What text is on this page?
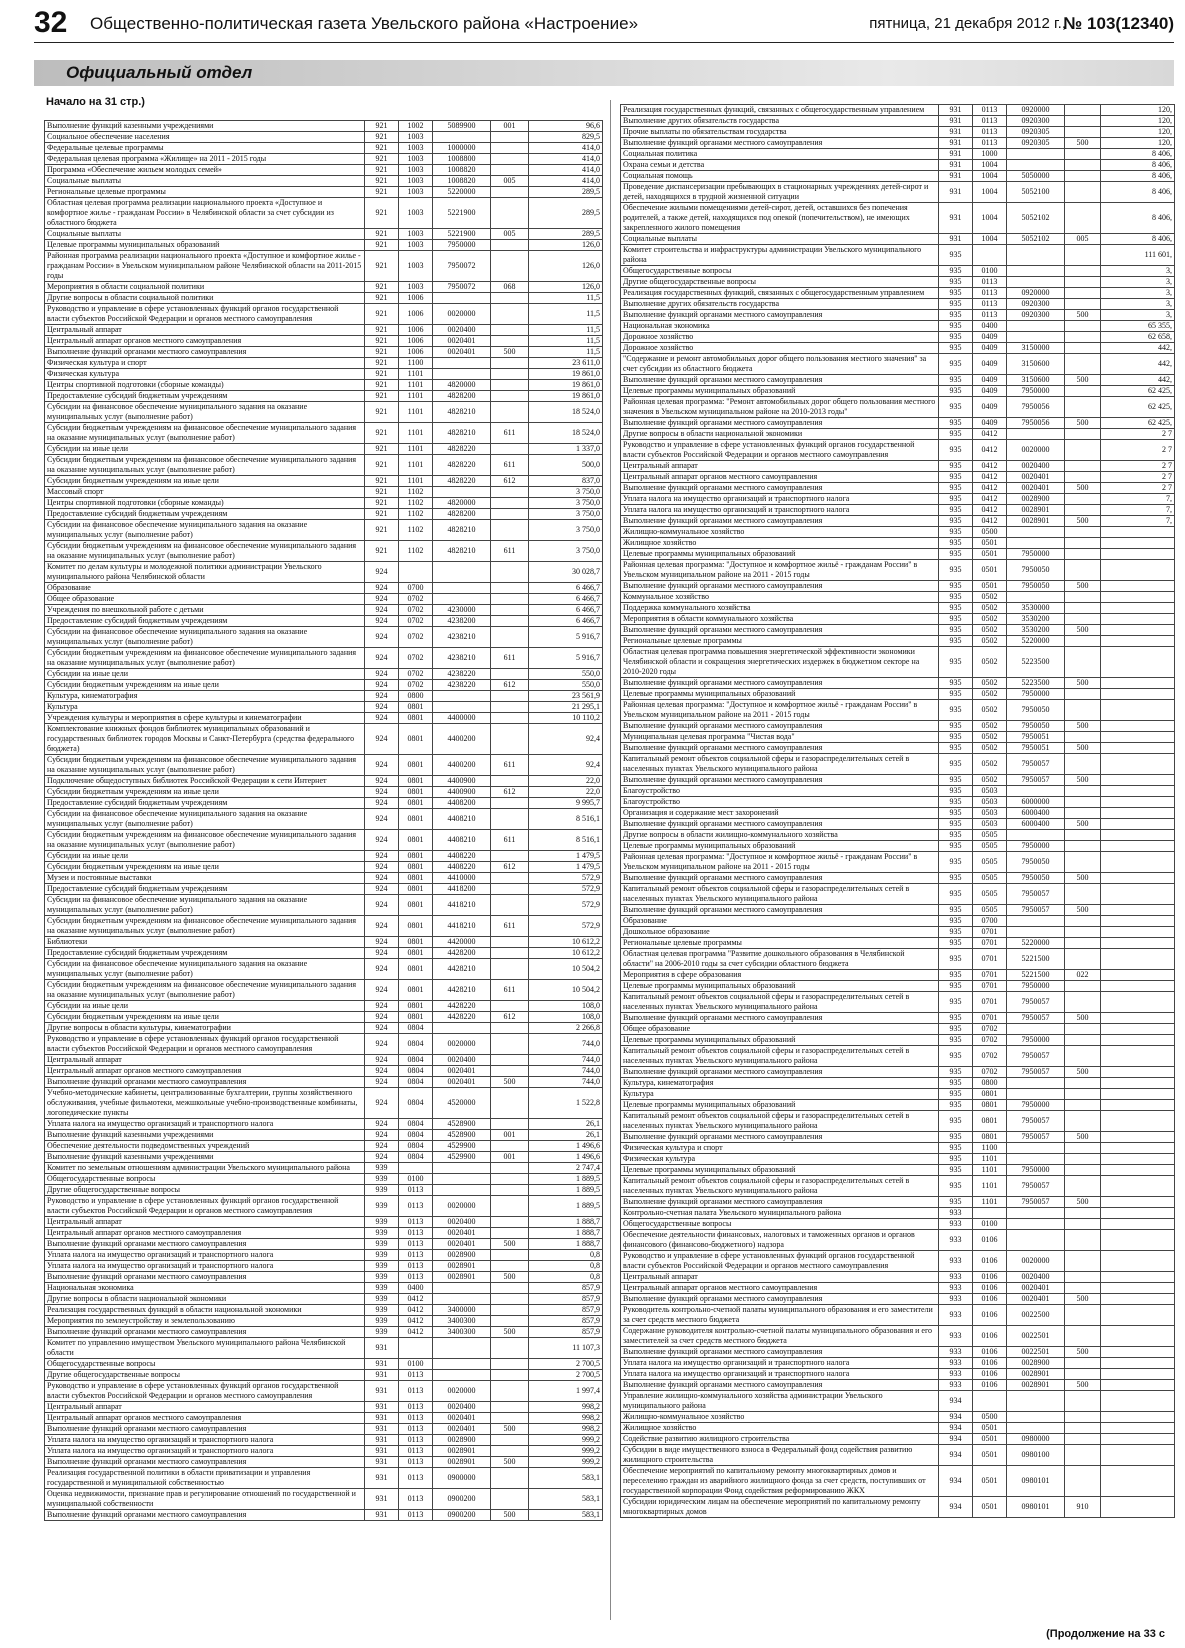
32 Общественно-политическая газета Увельского района «Настроение»	пятница, 21 декабря 2012 г.,
№ 103(12340)
Официальный отдел
Начало на 31 стр.)
Выполнение функций казенными учреждениями	921	1002	5089900	001	96,6
Социальное обеспечение населения	921	1003			829,5
Федеральные целевые программы	921	1003	1000000		414,0
Федеральная целевая программа «Жилище» на 2011 - 2015 годы	921	1003	1008800		414,0
Программа «Обеспечение жильем молодых семей»	921	1003	1008820		414,0
Социальные выплаты	921	1003	1008820	005	414,0
Региональные целевые программы	921	1003	5220000		289,5
Областная целевая программа реализации национального проекта «Доступное и комфортное жилье - гражданам России» в Челябинской области за счет субсидии из областного бюджета	921	1003	5221900		289,5
Социальные выплаты	921	1003	5221900	005	289,5
Целевые программы муниципальных образований	921	1003	7950000		126,0
Районная программа реализации национального проекта «Доступное и комфортное жилье - гражданам России» в Увельском муниципальном районе Челябинской области на 2011-2015 годы	921	1003	7950072		126,0
Мероприятия в области социальной политики	921	1003	7950072	068	126,0
Другие вопросы в области социальной политики	921	1006			11,5
Руководство и управление в сфере установленных функций органов государственной власти субъектов Российской Федерации и органов местного самоуправления	921	1006	0020000		11,5
Центральный аппарат	921	1006	0020400		11,5
Центральный аппарат органов местного самоуправления	921	1006	0020401		11,5
Выполнение функций органами местного самоуправления	921	1006	0020401	500	11,5
Физическая культура и спорт	921	1100			23 611,0
Физическая культура	921	1101			19 861,0
Центры спортивной подготовки (сборные команды)	921	1101	4820000		19 861,0
Предоставление субсидий бюджетным учреждениям	921	1101	4828200		19 861,0
Субсидии на финансовое обеспечение муниципального задания на оказание муниципальных услуг (выполнение работ)	921	1101	4828210		18 524,0
Субсидии бюджетным учреждениям на финансовое обеспечение муниципального задания на оказание муниципальных услуг (выполнение работ)	921	1101	4828210	611	18 524,0
Субсидии на иные цели	921	1101	4828220		1 337,0
Субсидии бюджетным учреждениям на финансовое обеспечение муниципального задания на оказание муниципальных услуг (выполнение работ)	921	1101	4828220	611	500,0
Субсидии бюджетным учреждениям на иные цели	921	1101	4828220	612	837,0
Массовый спорт	921	1102			3 750,0
Центры спортивной подготовки (сборные команды)	921	1102	4820000		3 750,0
Предоставление субсидий бюджетным учреждениям	921	1102	4828200		3 750,0
Субсидии на финансовое обеспечение муниципального задания на оказание муниципальных услуг (выполнение работ)	921	1102	4828210		3 750,0
Субсидии бюджетным учреждениям на финансовое обеспечение муниципального задания на оказание муниципальных услуг (выполнение работ)	921	1102	4828210	611	3 750,0
Комитет по делам культуры и молодежной политики администрации Увельского муниципального района Челябинской области	924				30 028,7
Образование	924	0700			6 466,7
Общее образование	924	0702			6 466,7
Учреждения по внешкольной работе с детьми	924	0702	4230000		6 466,7
Предоставление субсидий бюджетным учреждениям	924	0702	4238200		6 466,7
Субсидии на финансовое обеспечение муниципального задания на оказание муниципальных услуг (выполнение работ)	924	0702	4238210		5 916,7
Субсидии бюджетным учреждениям на финансовое обеспечение муниципального задания на оказание муниципальных услуг (выполнение работ)	924	0702	4238210	611	5 916,7
Субсидии на иные цели	924	0702	4238220		550,0
Субсидии бюджетным учреждениям на иные цели	924	0702	4238220	612	550,0
Культура, кинематография	924	0800			23 561,9
Культура	924	0801			21 295,1
Учреждения культуры и мероприятия в сфере культуры и кинематографии	924	0801	4400000		10 110,2
Комплектование книжных фондов библиотек муниципальных образований и государственных библиотек городов Москвы и Санкт-Петербурга (средства федерального бюджета)	924	0801	4400200		92,4
Субсидии бюджетным учреждениям на финансовое обеспечение муниципального задания на оказание муниципальных услуг (выполнение работ)	924	0801	4400200	611	92,4
Подключение общедоступных библиотек Российской Федерации к сети Интернет	924	0801	4400900		22,0
Субсидии бюджетным учреждениям на иные цели	924	0801	4400900	612	22,0
Предоставление субсидий бюджетным учреждениям	924	0801	4408200		9 995,7
Субсидии на финансовое обеспечение муниципального задания на оказание муниципальных услуг (выполнение работ)	924	0801	4408210		8 516,1
Субсидии бюджетным учреждениям на финансовое обеспечение муниципального задания на оказание муниципальных услуг (выполнение работ)	924	0801	4408210	611	8 516,1
Субсидии на иные цели	924	0801	4408220		1 479,5
Субсидии бюджетным учреждениям на иные цели	924	0801	4408220	612	1 479,5
Музеи и постоянные выставки	924	0801	4410000		572,9
Предоставление субсидий бюджетным учреждениям	924	0801	4418200		572,9
Субсидии на финансовое обеспечение муниципального задания на оказание муниципальных услуг (выполнение работ)	924	0801	4418210		572,9
Субсидии бюджетным учреждениям на финансовое обеспечение муниципального задания на оказание муниципальных услуг (выполнение работ)	924	0801	4418210	611	572,9
Библиотеки	924	0801	4420000		10 612,2
Предоставление субсидий бюджетным учреждениям	924	0801	4428200		10 612,2
Субсидии на финансовое обеспечение муниципального задания на оказание муниципальных услуг (выполнение работ)	924	0801	4428210		10 504,2
Субсидии бюджетным учреждениям на финансовое обеспечение муниципального задания на оказание муниципальных услуг (выполнение работ)	924	0801	4428210	611	10 504,2
Субсидии на иные цели	924	0801	4428220		108,0
Субсидии бюджетным учреждениям на иные цели	924	0801	4428220	612	108,0
Другие вопросы в области культуры, кинематографии	924	0804			2 266,8
Руководство и управление в сфере установленных функций органов государственной власти субъектов Российской Федерации и органов местного самоуправления	924	0804	0020000		744,0
Центральный аппарат	924	0804	0020400		744,0
Центральный аппарат органов местного самоуправления	924	0804	0020401		744,0
Выполнение функций органами местного самоуправления	924	0804	0020401	500	744,0
Учебно-методические кабинеты, централизованные бухгалтерии, группы хозяйственного обслуживания, учебные фильмотеки, межшкольные учебно-производственные комбинаты, логопедические пункты	924	0804	4520000		1 522,8
Уплата налога на имущество организаций и транспортного налога	924	0804	4528900		26,1
Выполнение функций казенными учреждениями	924	0804	4528900	001	26,1
Обеспечение деятельности подведомственных учреждений	924	0804	4529900		1 496,6
Выполнение функций казенными учреждениями	924	0804	4529900	001	1 496,6
Комитет по земельным отношениям администрации Увельского муниципального района	939				2 747,4
Общегосударственные вопросы	939	0100			1 889,5
Другие общегосударственные вопросы	939	0113			1 889,5
Руководство и управление в сфере установленных функций органов государственной власти субъектов Российской Федерации и органов местного самоуправления	939	0113	0020000		1 889,5
Центральный аппарат	939	0113	0020400		1 888,7
Центральный аппарат органов местного самоуправления	939	0113	0020401		1 888,7
Выполнение функций органами местного самоуправления	939	0113	0020401	500	1 888,7
Уплата налога на имущество организаций и транспортного налога	939	0113	0028900		0,8
Уплата налога на имущество организаций и транспортного налога	939	0113	0028901		0,8
Выполнение функций органами местного самоуправления	939	0113	0028901	500	0,8
Национальная экономика	939	0400			857,9
Другие вопросы в области национальной экономики	939	0412			857,9
Реализация государственных функций в области национальной экономики	939	0412	3400000		857,9
Мероприятия по землеустройству и землепользованию	939	0412	3400300		857,9
Выполнение функций органами местного самоуправления	939	0412	3400300	500	857,9
Комитет по управлению имуществом Увельского муниципального района Челябинской области	931				11 107,3
Общегосударственные вопросы	931	0100			2 700,5
Другие общегосударственные вопросы	931	0113			2 700,5
Руководство и управление в сфере установленных функций органов государственной власти субъектов Российской Федерации и органов местного самоуправления	931	0113	0020000		1 997,4
Центральный аппарат	931	0113	0020400		998,2
Центральный аппарат органов местного самоуправления	931	0113	0020401		998,2
Выполнение функций органами местного самоуправления	931	0113	0020401	500	998,2
Уплата налога на имущество организаций и транспортного налога	931	0113	0028900		999,2
Уплата налога на имущество организаций и транспортного налога	931	0113	0028901		999,2
Выполнение функций органами местного самоуправления	931	0113	0028901	500	999,2
Реализация государственной политики в области приватизации и управления государственной и муниципальной собственностью	931	0113	0900000		583,1
Оценка недвижимости, признание прав и регулирование отношений по государственной и муниципальной собственности	931	0113	0900200		583,1
Выполнение функций органами местного самоуправления	931	0113	0900200	500	583,1
Реализация государственных функций, связанных с общегосударственным управлением	931	0113	0920000		120,
Выполнение других обязательств государства	931	0113	0920300		120,
Прочие выплаты по обязательствам государства	931	0113	0920305		120,
Выполнение функций органами местного самоуправления	931	0113	0920305	500	120,
Социальная политика	931	1000			8 406,
Охрана семьи и детства	931	1004			8 406,
Социальная помощь	931	1004	5050000		8 406,
Проведение диспансеризации пребывающих в стационарных учреждениях детей-сирот и детей, находящихся в трудной жизненной ситуации	931	1004	5052100		8 406,
Обеспечение жилыми помещениями детей-сирот, детей, оставшихся без попечения родителей, а также детей, находящихся под опекой (попечительством), не имеющих закрепленного жилого помещения	931	1004	5052102		8 406,
Социальные выплаты	931	1004	5052102	005	8 406,
Комитет строительства и инфраструктуры администрации Увельского муниципального района	935				111 601,
Общегосударственные вопросы	935	0100			3,
Другие общегосударственные вопросы	935	0113			3,
Реализация государственных функций, связанных с общегосударственным управлением	935	0113	0920000		3,
Выполнение других обязательств государства	935	0113	0920300		3,
Выполнение функций органами местного самоуправления	935	0113	0920300	500	3,
Национальная экономика	935	0400			65 355,
Дорожное хозяйство	935	0409			62 658,
Дорожное хозяйство	935	0409	3150000		442,
"Содержание и ремонт автомобильных дорог общего пользования местного значения" за счет субсидии из областного бюджета	935	0409	3150600		442,
Выполнение функций органами местного самоуправления	935	0409	3150600	500	442,
Целевые программы муниципальных образований	935	0409	7950000		62 425,
Районная целевая программа: "Ремонт автомобильных дорог общего пользования местного значения в Увельском муниципальном районе на 2010-2013 годы"	935	0409	7950056		62 425,
Выполнение функций органами местного самоуправления	935	0409	7950056	500	62 425,
Другие вопросы в области национальной экономики	935	0412			2 7
Руководство и управление в сфере установленных функций органов государственной власти субъектов Российской Федерации и органов местного самоуправления	935	0412	0020000		2 7
Центральный аппарат	935	0412	0020400		2 7
Центральный аппарат органов местного самоуправления	935	0412	0020401		2 7
Выполнение функций органами местного самоуправления	935	0412	0020401	500	2 7
Уплата налога на имущество организаций и транспортного налога	935	0412	0028900		7,
Уплата налога на имущество организаций и транспортного налога	935	0412	0028901		7,
Выполнение функций органами местного самоуправления	935	0412	0028901	500	7,
Жилищно-коммунальное хозяйство	935	0500			
Жилищное хозяйство	935	0501			
Целевые программы муниципальных образований	935	0501	7950000		
Районная целевая программа: "Доступное и комфортное жильё - гражданам России" в Увельском муниципальном районе на 2011 - 2015 годы	935	0501	7950050		
Выполнение функций органами местного самоуправления	935	0501	7950050	500	
Коммунальное хозяйство	935	0502			
Поддержка коммунального хозяйства	935	0502	3530000		
Мероприятия в области коммунального хозяйства	935	0502	3530200		
Выполнение функций органами местного самоуправления	935	0502	3530200	500	
Региональные целевые программы	935	0502	5220000		
Областная целевая программа повышения энергетической эффективности экономики Челябинской области и сокращения энергетических издержек в бюджетном секторе на 2010-2020 годы	935	0502	5223500		
Выполнение функций органами местного самоуправления	935	0502	5223500	500	
Целевые программы муниципальных образований	935	0502	7950000		
Районная целевая программа: "Доступное и комфортное жильё - гражданам России" в Увельском муниципальном районе на 2011 - 2015 годы	935	0502	7950050		
Выполнение функций органами местного самоуправления	935	0502	7950050	500	
Муниципальная целевая программа "Чистая вода"	935	0502	7950051		
Выполнение функций органами местного самоуправления	935	0502	7950051	500	
Капитальный ремонт объектов социальной сферы и газораспределительных сетей в населенных пунктах Увельского муниципального района	935	0502	7950057		
Выполнение функций органами местного самоуправления	935	0502	7950057	500	
Благоустройство	935	0503			
Благоустройство	935	0503	6000000		
Организация и содержание мест захоронений	935	0503	6000400		
Выполнение функций органами местного самоуправления	935	0503	6000400	500	
Другие вопросы в области жилищно-коммунального хозяйства	935	0505			
Целевые программы муниципальных образований	935	0505	7950000		
Районная целевая программа: "Доступное и комфортное жильё - гражданам России" в Увельском муниципальном районе на 2011 - 2015 годы	935	0505	7950050		
Выполнение функций органами местного самоуправления	935	0505	7950050	500	
Капитальный ремонт объектов социальной сферы и газораспределительных сетей в населенных пунктах Увельского муниципального района	935	0505	7950057		
Выполнение функций органами местного самоуправления	935	0505	7950057	500	
Образование	935	0700			
Дошкольное образование	935	0701			
Региональные целевые программы	935	0701	5220000		
Областная целевая программа "Развитие дошкольного образования в Челябинской области" на 2006-2010 годы за счет субсидии областного бюджета	935	0701	5221500		
Мероприятия в сфере образования	935	0701	5221500	022	
Целевые программы муниципальных образований	935	0701	7950000		
Капитальный ремонт объектов социальной сферы и газораспределительных сетей в населенных пунктах Увельского муниципального района	935	0701	7950057		
Выполнение функций органами местного самоуправления	935	0701	7950057	500	
Общее образование	935	0702			
Целевые программы муниципальных образований	935	0702	7950000		
Капитальный ремонт объектов социальной сферы и газораспределительных сетей в населенных пунктах Увельского муниципального района	935	0702	7950057		
Выполнение функций органами местного самоуправления	935	0702	7950057	500	
Культура, кинематография	935	0800			
Культура	935	0801			
Целевые программы муниципальных образований	935	0801	7950000		
Капитальный ремонт объектов социальной сферы и газораспределительных сетей в населенных пунктах Увельского муниципального района	935	0801	7950057		
Выполнение функций органами местного самоуправления	935	0801	7950057	500	
Физическая культура и спорт	935	1100			
Физическая культура	935	1101			
Целевые программы муниципальных образований	935	1101	7950000		
Капитальный ремонт объектов социальной сферы и газораспределительных сетей в населенных пунктах Увельского муниципального района	935	1101	7950057		
Выполнение функций органами местного самоуправления	935	1101	7950057	500	
Контрольно-счетная палата Увельского муниципального района	933				
Общегосударственные вопросы	933	0100			
Обеспечение деятельности финансовых, налоговых и таможенных органов и органов финансового (финансово-бюджетного) надзора	933	0106			
Руководство и управление в сфере установленных функций органов государственной власти субъектов Российской Федерации и органов местного самоуправления	933	0106	0020000		
Центральный аппарат	933	0106	0020400		
Центральный аппарат органов местного самоуправления	933	0106	0020401		
Выполнение функций органами местного самоуправления	933	0106	0020401	500	
Руководитель контрольно-счетной палаты муниципального образования и его заместители за счет средств местного бюджета	933	0106	0022500		
Содержание руководителя контрольно-счетной палаты муниципального образования и его заместителей за счет средств местного бюджета	933	0106	0022501		
Выполнение функций органами местного самоуправления	933	0106	0022501	500	
Уплата налога на имущество организаций и транспортного налога	933	0106	0028900		
Уплата налога на имущество организаций и транспортного налога	933	0106	0028901		
Выполнение функций органами местного самоуправления	933	0106	0028901	500	
Управление жилищно-коммунального хозяйства администрации Увельского муниципального района	934				
Жилищно-коммунальное хозяйство	934	0500			
Жилищное хозяйство	934	0501			
Содействие развитию жилищного строительства	934	0501	0980000		
Субсидии в виде имущественного взноса в Федеральный фонд содействия развитию жилищного строительства	934	0501	0980100		
Обеспечение мероприятий по капитальному ремонту многоквартирных домов и переселению граждан из аварийного жилищного фонда за счет средств, поступивших от государственной корпорации Фонд содействия реформированию ЖКХ	934	0501	0980101		
Субсидии юридическим лицам на обеспечение мероприятий по капитальному ремонту многоквартирных домов	934	0501	0980101	910	
(Продолжение на 33 с
